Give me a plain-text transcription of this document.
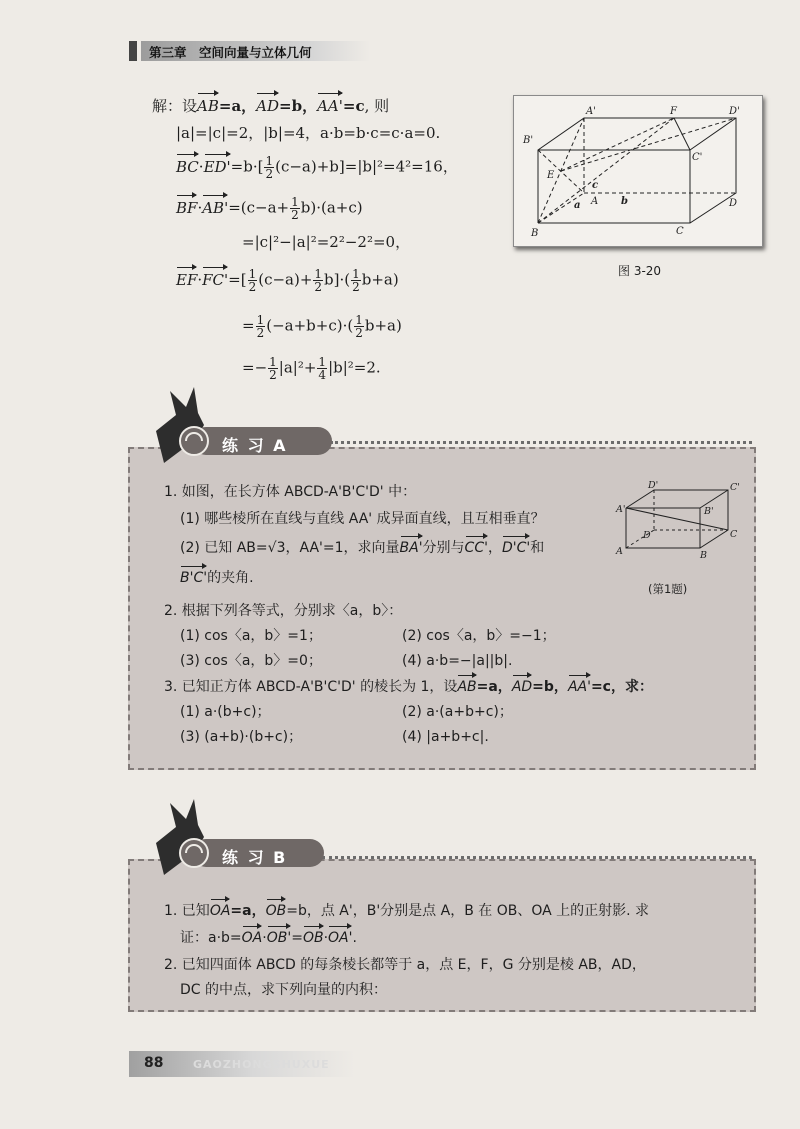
第三章　空间向量与立体几何
解：设AB=a，AD=b，AA'=c, 则
|a|=|c|=2，|b|=4，a·b=b·c=c·a=0.
$BC\cdot ED'=b\cdot[ \frac{1}{2} (c-a)+b]=|b|^2=4^2=16$，
$BF\cdot AB'=(c-a+ \frac{1}{2} b)\cdot(a+c)$
=|c|²−|a|²=2²−2²=0，
$EF\cdot FC'=[ \frac{1}{2} (c-a)+ \frac{1}{2} b]\cdot( \frac{1}{2} b+a)$
= $\frac{1}{2} (-a+b+c)\cdot( \frac{1}{2} b+a)$
=− $\frac{1}{2} |a|^2+ \frac{1}{4} |b|^2=2$.
A'	F	D'
B'
C'
E
c
a A b	D
B	C
图 3-20
练 习 A
1. 如图，在长方体 ABCD-A'B'C'D' 中：
(1) 哪些棱所在直线与直线 AA' 成异面直线，且互相垂直？
(2) 已知 AB=√3，AA'=1，求向量BA'分别与CC'，D'C'和
B'C'的夹角.
D'	C'
A'	B'
D	C
A	B
(第1题)
2. 根据下列各等式，分别求〈a，b〉：
(1) cos〈a，b〉=1；	(2) cos〈a，b〉=−1；
(3) cos〈a，b〉=0；	(4) a·b=−|a||b|.
3. 已知正方体 ABCD-A'B'C'D' 的棱长为 1，设AB=a，AD=b，AA'=c，求：
(1) a·(b+c)；	(2) a·(a+b+c)；
(3) (a+b)·(b+c)；	(4) |a+b+c|.
练 习 B
1. 已知OA=a，OB=b，点 A'，B'分别是点 A，B 在 OB、OA 上的正射影. 求
证：a·b=OA·OB'=OB·OA'.
2. 已知四面体 ABCD 的每条棱长都等于 a，点 E，F，G 分别是棱 AB，AD，
DC 的中点，求下列向量的内积：
88	GAOZHONGSHUXUE
